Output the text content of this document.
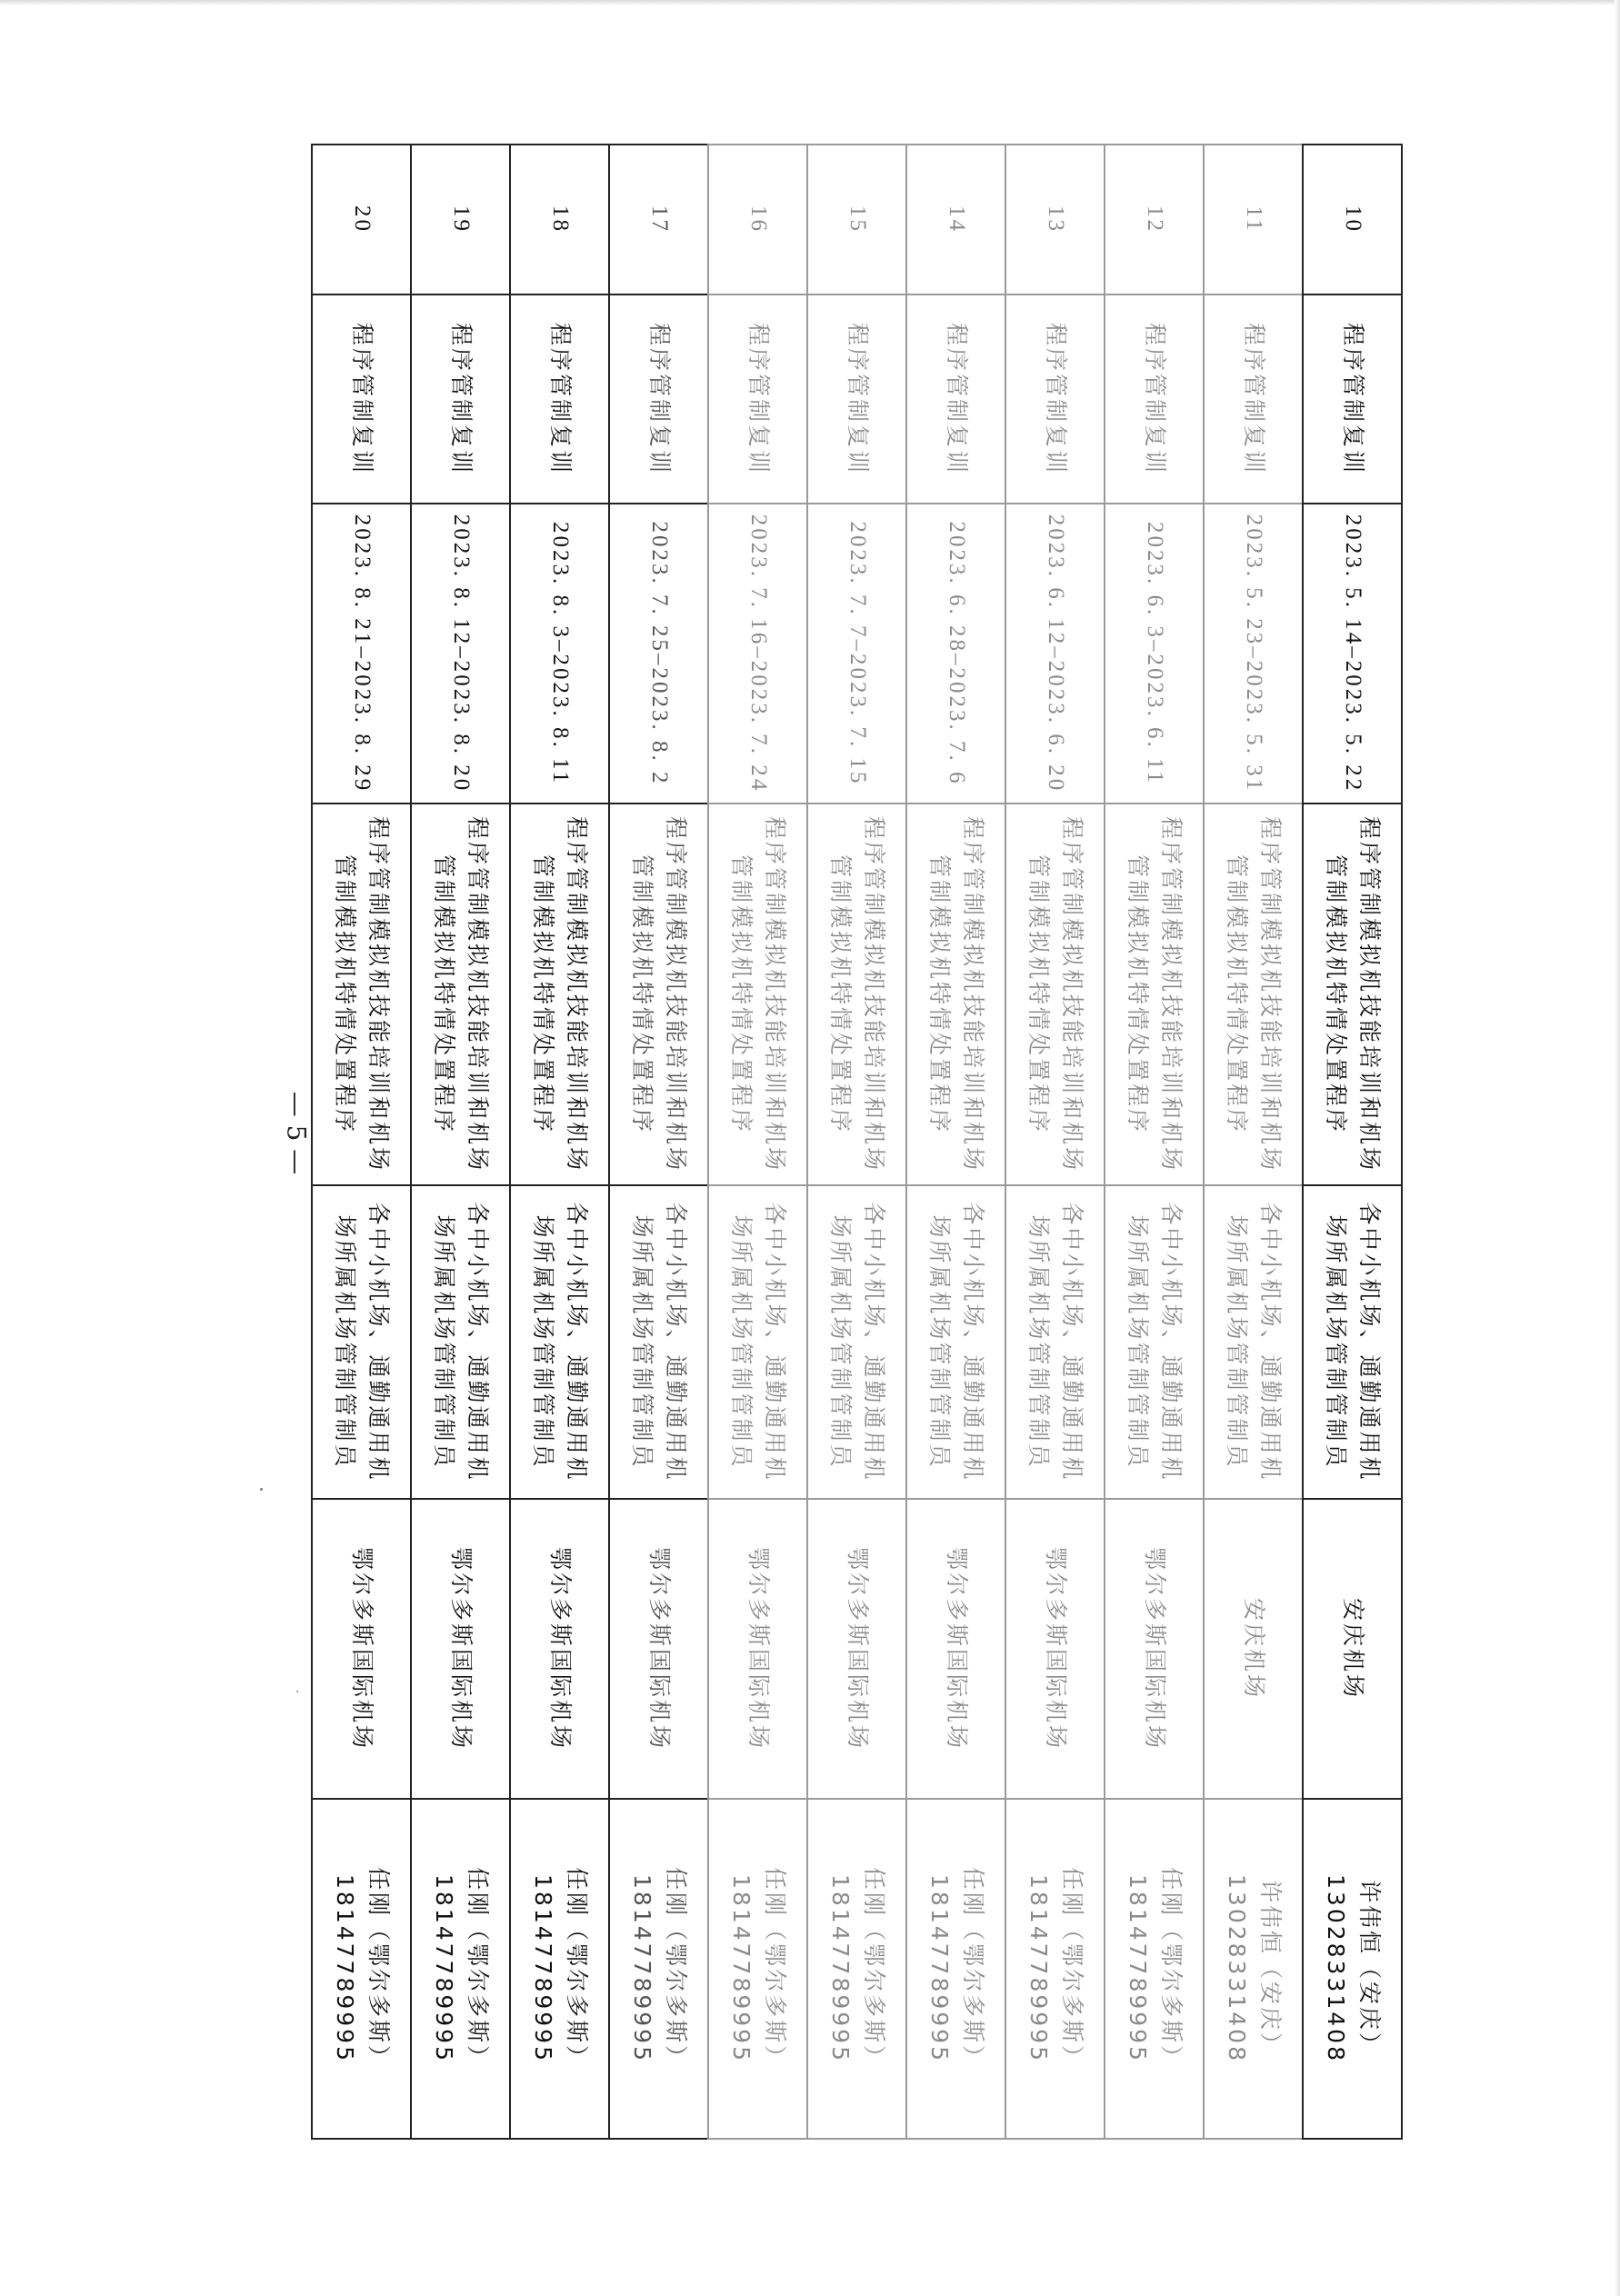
10	程序管制复训	2023. 5. 14–2023. 5. 22	程序管制模拟机技能培训和机场管制模拟机特情处置程序	各中小机场、通勤通用机场所属机场管制管制员	安庆机场	许伟恒（安庆）13028331408
11	程序管制复训	2023. 5. 23–2023. 5. 31	程序管制模拟机技能培训和机场管制模拟机特情处置程序	各中小机场、通勤通用机场所属机场管制管制员	安庆机场	许伟恒（安庆）13028331408
12	程序管制复训	2023. 6. 3–2023. 6. 11	程序管制模拟机技能培训和机场管制模拟机特情处置程序	各中小机场、通勤通用机场所属机场管制管制员	鄂尔多斯国际机场	任刚（鄂尔多斯）18147789995
13	程序管制复训	2023. 6. 12–2023. 6. 20	程序管制模拟机技能培训和机场管制模拟机特情处置程序	各中小机场、通勤通用机场所属机场管制管制员	鄂尔多斯国际机场	任刚（鄂尔多斯）18147789995
14	程序管制复训	2023. 6. 28–2023. 7. 6	程序管制模拟机技能培训和机场管制模拟机特情处置程序	各中小机场、通勤通用机场所属机场管制管制员	鄂尔多斯国际机场	任刚（鄂尔多斯）18147789995
15	程序管制复训	2023. 7. 7–2023. 7. 15	程序管制模拟机技能培训和机场管制模拟机特情处置程序	各中小机场、通勤通用机场所属机场管制管制员	鄂尔多斯国际机场	任刚（鄂尔多斯）18147789995
16	程序管制复训	2023. 7. 16–2023. 7. 24	程序管制模拟机技能培训和机场管制模拟机特情处置程序	各中小机场、通勤通用机场所属机场管制管制员	鄂尔多斯国际机场	任刚（鄂尔多斯）18147789995
17	程序管制复训	2023. 7. 25–2023. 8. 2	程序管制模拟机技能培训和机场管制模拟机特情处置程序	各中小机场、通勤通用机场所属机场管制管制员	鄂尔多斯国际机场	任刚（鄂尔多斯）18147789995
18	程序管制复训	2023. 8. 3–2023. 8. 11	程序管制模拟机技能培训和机场管制模拟机特情处置程序	各中小机场、通勤通用机场所属机场管制管制员	鄂尔多斯国际机场	任刚（鄂尔多斯）18147789995
19	程序管制复训	2023. 8. 12–2023. 8. 20	程序管制模拟机技能培训和机场管制模拟机特情处置程序	各中小机场、通勤通用机场所属机场管制管制员	鄂尔多斯国际机场	任刚（鄂尔多斯）18147789995
20	程序管制复训	2023. 8. 21–2023. 8. 29	程序管制模拟机技能培训和机场管制模拟机特情处置程序	各中小机场、通勤通用机场所属机场管制管制员	鄂尔多斯国际机场	任刚（鄂尔多斯）18147789995
— 5 —
